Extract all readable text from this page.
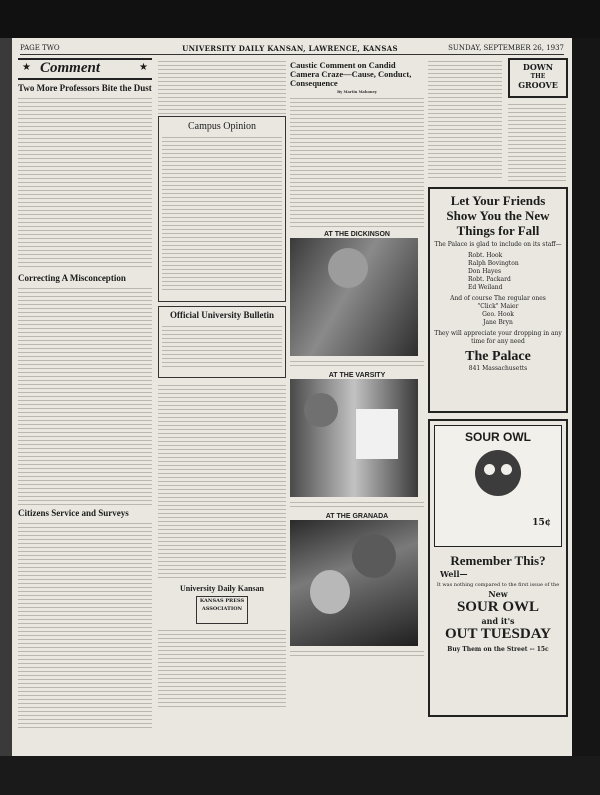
PAGE TWO	UNIVERSITY DAILY KANSAN, LAWRENCE, KANSAS	SUNDAY, SEPTEMBER 26, 1937
★ Comment	★
Two More Professors Bite the Dust
Correcting A Misconception
Citizens Service and Surveys
Campus Opinion
Official University Bulletin
University Daily Kansan
KANSAS PRESS ASSOCIATION
Caustic Comment on Candid Camera Craze—Cause, Conduct, Consequence
By Martin Mahoney
AT THE DICKINSON
AT THE VARSITY
AT THE GRANADA
DOWN
THE
GROOVE
Let Your Friends Show You the New Things for Fall
The Palace is glad to include on its staff—
Robt. Hook
Ralph Bovington
Don Hayes
Robt. Packard
Ed Weiland
And of course The regular ones
"Click" Maier
Geo. Hook
Jane Bryn
They will appreciate your dropping in any time for any need
The Palace
841 Massachusetts
SOUR OWL
15¢
Remember This?
Well—
It was nothing compared to the first issue of the
New
SOUR OWL
and it's
OUT TUESDAY
Buy Them on the Street -- 15c
